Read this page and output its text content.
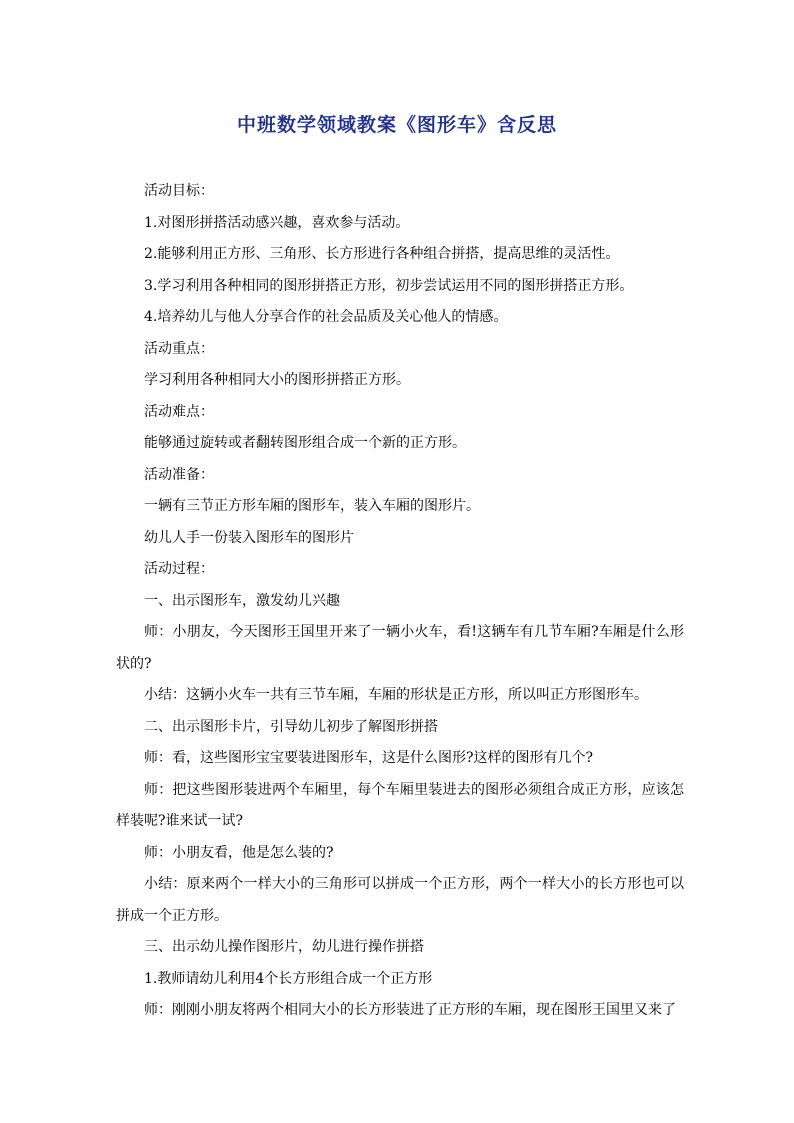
中班数学领域教案《图形车》含反思

活动目标：

1.对图形拼搭活动感兴趣，喜欢参与活动。

2.能够利用正方形、三角形、长方形进行各种组合拼搭，提高思维的灵活性。

3.学习利用各种相同的图形拼搭正方形，初步尝试运用不同的图形拼搭正方形。

4.培养幼儿与他人分享合作的社会品质及关心他人的情感。

活动重点：

学习利用各种相同大小的图形拼搭正方形。

活动难点：

能够通过旋转或者翻转图形组合成一个新的正方形。

活动准备：

一辆有三节正方形车厢的图形车，装入车厢的图形片。

幼儿人手一份装入图形车的图形片

活动过程：

一、出示图形车，激发幼儿兴趣

师：小朋友，今天图形王国里开来了一辆小火车，看!这辆车有几节车厢?车厢是什么形状的?

小结：这辆小火车一共有三节车厢，车厢的形状是正方形，所以叫正方形图形车。

二、出示图形卡片，引导幼儿初步了解图形拼搭

师：看，这些图形宝宝要装进图形车，这是什么图形?这样的图形有几个?

师：把这些图形装进两个车厢里，每个车厢里装进去的图形必须组合成正方形，应该怎样装呢?谁来试一试?

师：小朋友看，他是怎么装的?

小结：原来两个一样大小的三角形可以拼成一个正方形，两个一样大小的长方形也可以拼成一个正方形。

三、出示幼儿操作图形片，幼儿进行操作拼搭

1.教师请幼儿利用4个长方形组合成一个正方形

师：刚刚小朋友将两个相同大小的长方形装进了正方形的车厢，现在图形王国里又来了
